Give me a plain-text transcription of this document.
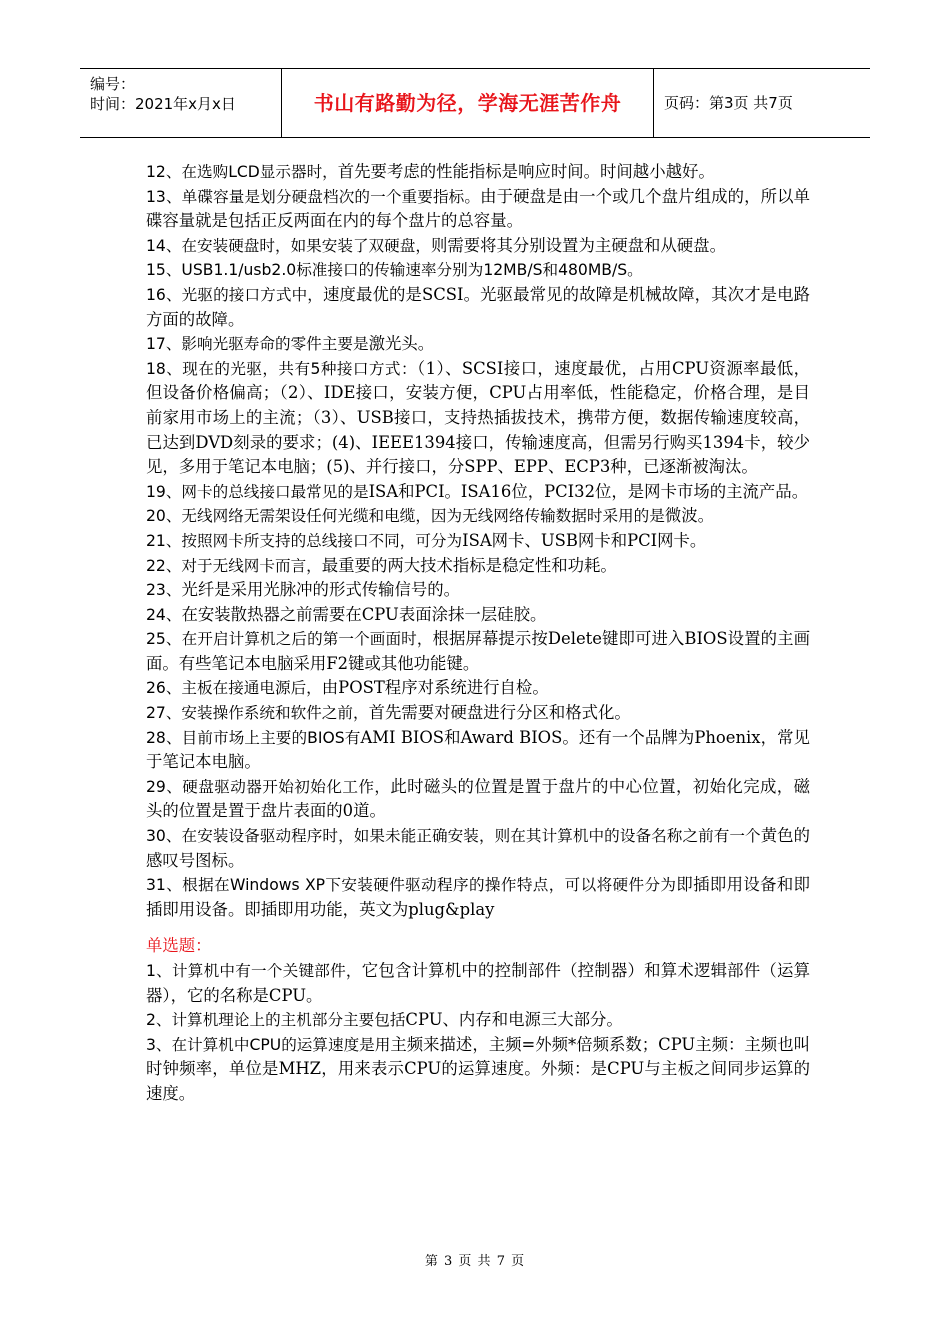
编号：
时间：2021年x月x日	书山有路勤为径，学海无涯苦作舟	页码：第3页 共7页

12、在选购LCD显示器时，首先要考虑的性能指标是响应时间。时间越小越好。

13、单碟容量是划分硬盘档次的一个重要指标。由于硬盘是由一个或几个盘片组成的，所以单碟容量就是包括正反两面在内的每个盘片的总容量。

14、在安装硬盘时，如果安装了双硬盘，则需要将其分别设置为主硬盘和从硬盘。

15、USB1.1/usb2.0标准接口的传输速率分别为12MB/S和480MB/S。

16、光驱的接口方式中，速度最优的是SCSI。光驱最常见的故障是机械故障，其次才是电路方面的故障。

17、影响光驱寿命的零件主要是激光头。

18、现在的光驱，共有5种接口方式：（1）、SCSI接口，速度最优，占用CPU资源率最低，但设备价格偏高；（2）、IDE接口，安装方便，CPU占用率低，性能稳定，价格合理，是目前家用市场上的主流；（3）、USB接口，支持热插拔技术，携带方便，数据传输速度较高，已达到DVD刻录的要求；(4)、IEEE1394接口，传输速度高，但需另行购买1394卡，较少见，多用于笔记本电脑；(5)、并行接口，分SPP、EPP、ECP3种，已逐渐被淘汰。

19、网卡的总线接口最常见的是ISA和PCI。ISA16位，PCI32位，是网卡市场的主流产品。

20、无线网络无需架设任何光缆和电缆，因为无线网络传输数据时采用的是微波。

21、按照网卡所支持的总线接口不同，可分为ISA网卡、USB网卡和PCI网卡。

22、对于无线网卡而言，最重要的两大技术指标是稳定性和功耗。

23、光纤是采用光脉冲的形式传输信号的。

24、在安装散热器之前需要在CPU表面涂抹一层硅胶。

25、在开启计算机之后的第一个画面时，根据屏幕提示按Delete键即可进入BIOS设置的主画面。有些笔记本电脑采用F2键或其他功能键。

26、主板在接通电源后，由POST程序对系统进行自检。

27、安装操作系统和软件之前，首先需要对硬盘进行分区和格式化。

28、目前市场上主要的BIOS有AMI BIOS和Award BIOS。还有一个品牌为Phoenix，常见于笔记本电脑。

29、硬盘驱动器开始初始化工作，此时磁头的位置是置于盘片的中心位置，初始化完成，磁头的位置是置于盘片表面的0道。

30、在安装设备驱动程序时，如果未能正确安装，则在其计算机中的设备名称之前有一个黄色的感叹号图标。

31、根据在Windows XP下安装硬件驱动程序的操作特点，可以将硬件分为即插即用设备和即插即用设备。即插即用功能，英文为plug&play

单选题：

1、计算机中有一个关键部件，它包含计算机中的控制部件（控制器）和算术逻辑部件（运算器），它的名称是CPU。

2、计算机理论上的主机部分主要包括CPU、内存和电源三大部分。

3、在计算机中CPU的运算速度是用主频来描述，主频=外频*倍频系数；CPU主频：主频也叫时钟频率，单位是MHZ，用来表示CPU的运算速度。外频：是CPU与主板之间同步运算的速度。

第 3 页 共 7 页
